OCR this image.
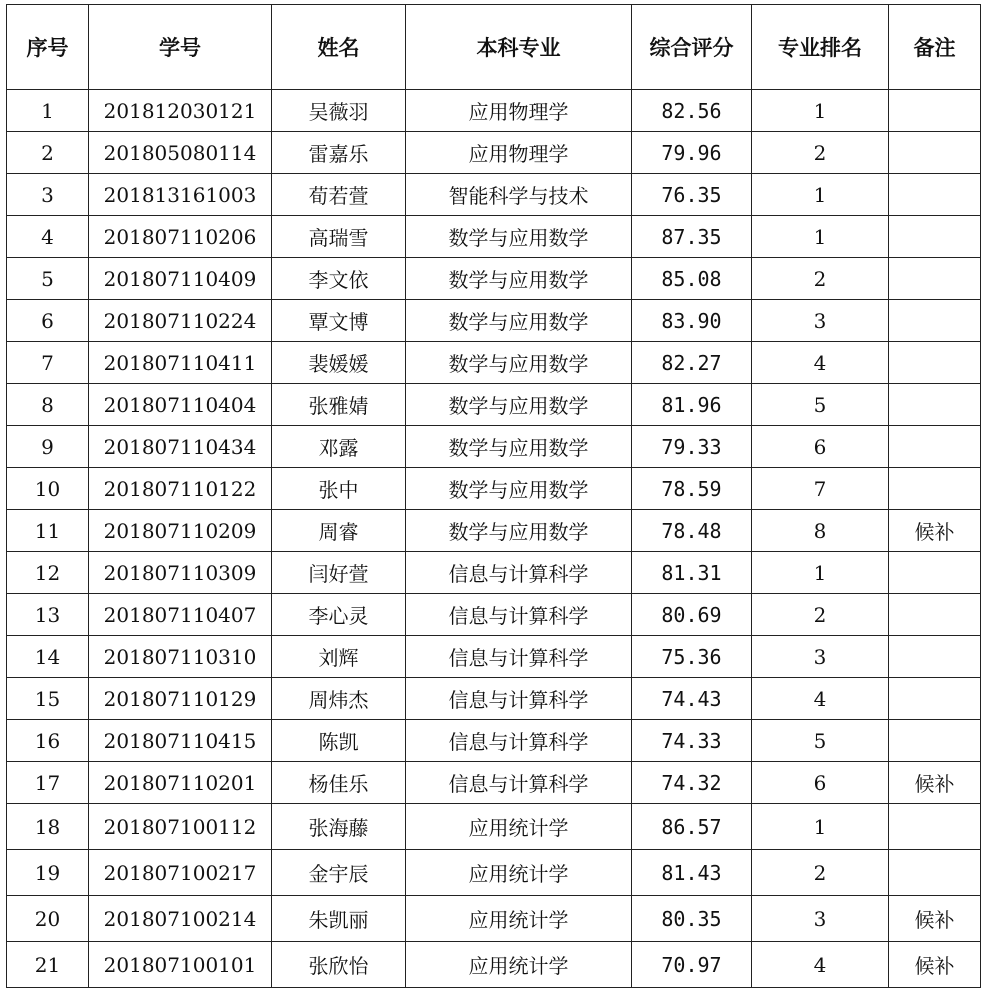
序号	学号	姓名	本科专业	综合评分	专业排名	备注
1	201812030121	吴薇羽	应用物理学	82.56	1	
2	201805080114	雷嘉乐	应用物理学	79.96	2	
3	201813161003	荀若萱	智能科学与技术	76.35	1	
4	201807110206	高瑞雪	数学与应用数学	87.35	1	
5	201807110409	李文依	数学与应用数学	85.08	2	
6	201807110224	覃文博	数学与应用数学	83.90	3	
7	201807110411	裴媛媛	数学与应用数学	82.27	4	
8	201807110404	张雅婧	数学与应用数学	81.96	5	
9	201807110434	邓露	数学与应用数学	79.33	6	
10	201807110122	张中	数学与应用数学	78.59	7	
11	201807110209	周睿	数学与应用数学	78.48	8	候补
12	201807110309	闫好萱	信息与计算科学	81.31	1	
13	201807110407	李心灵	信息与计算科学	80.69	2	
14	201807110310	刘辉	信息与计算科学	75.36	3	
15	201807110129	周炜杰	信息与计算科学	74.43	4	
16	201807110415	陈凯	信息与计算科学	74.33	5	
17	201807110201	杨佳乐	信息与计算科学	74.32	6	候补
18	201807100112	张海藤	应用统计学	86.57	1	
19	201807100217	金宇辰	应用统计学	81.43	2	
20	201807100214	朱凯丽	应用统计学	80.35	3	候补
21	201807100101	张欣怡	应用统计学	70.97	4	候补
